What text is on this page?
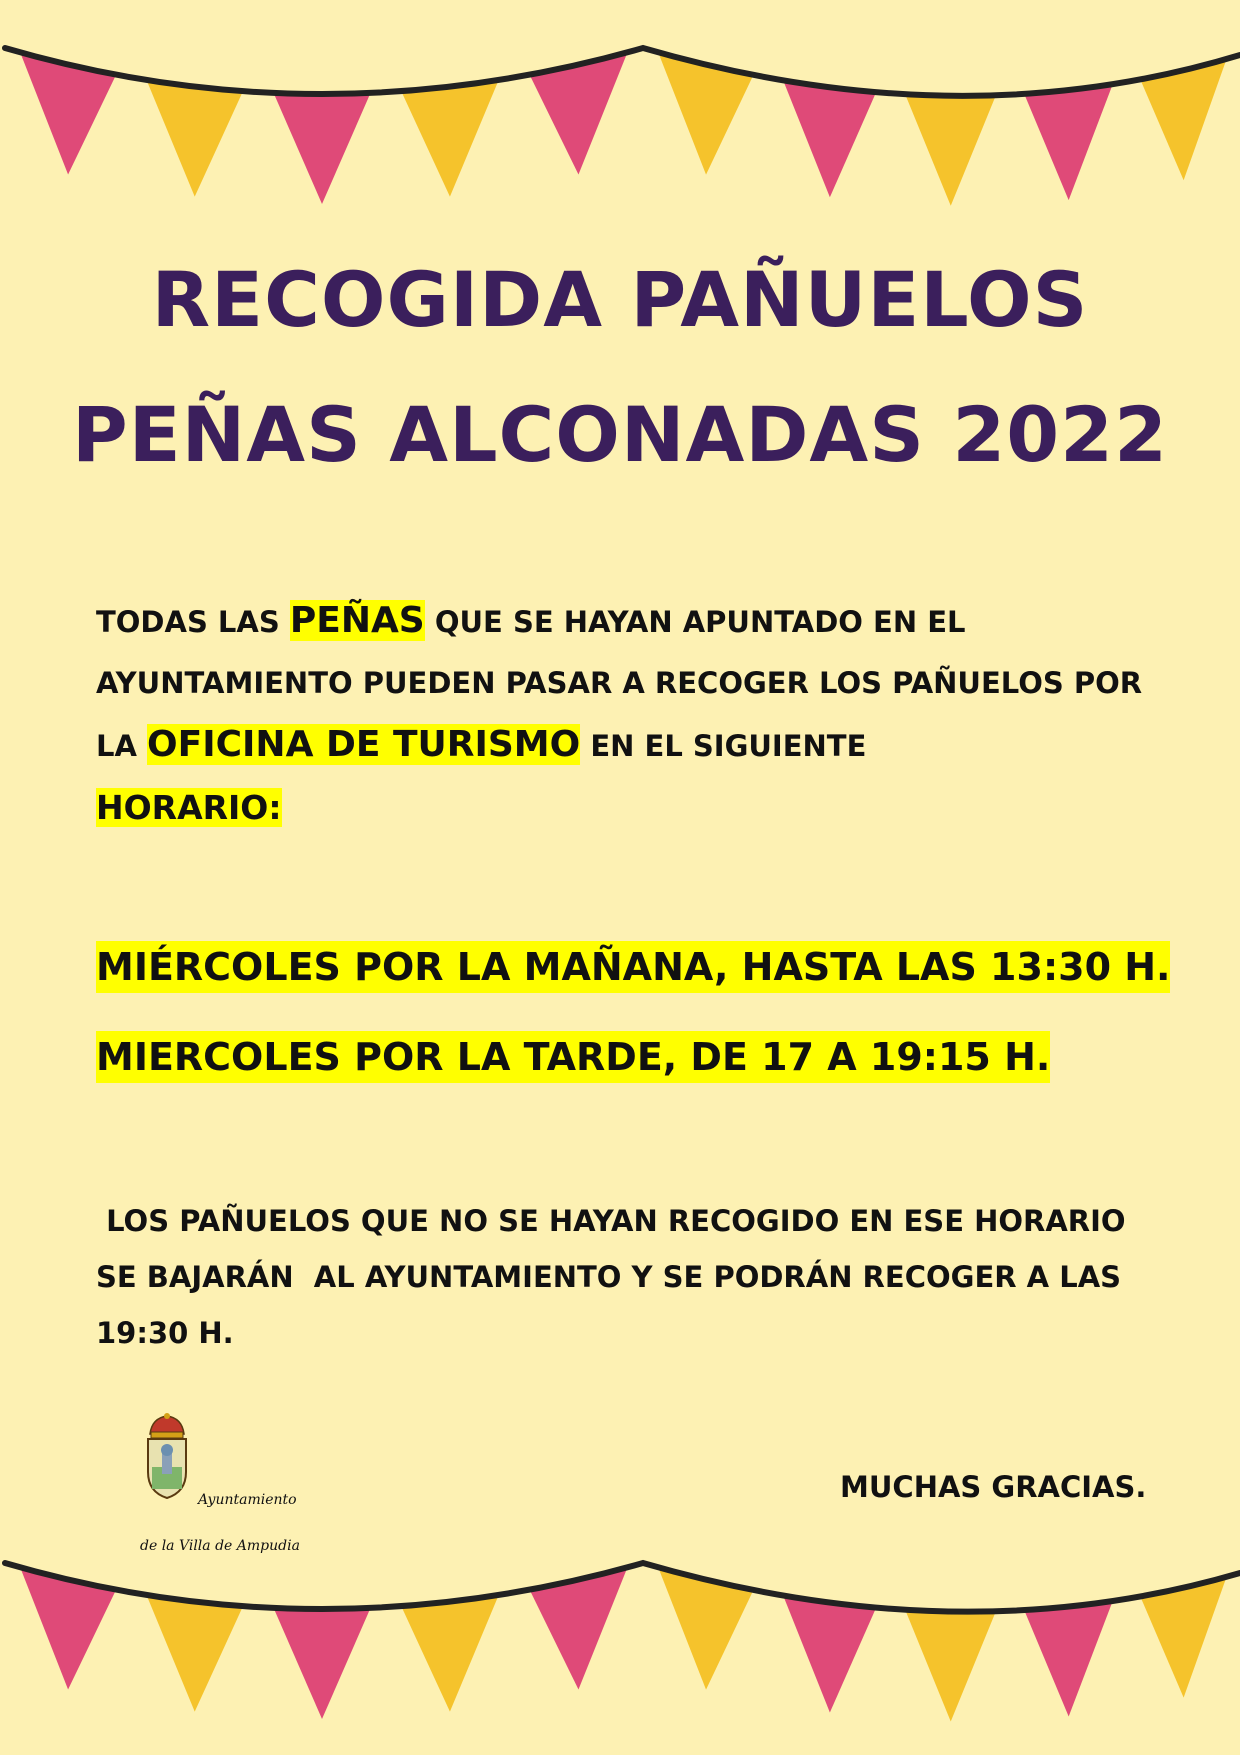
RECOGIDA PAÑUELOS
PEÑAS ALCONADAS 2022

TODAS LAS PEÑAS QUE SE HAYAN APUNTADO EN EL AYUNTAMIENTO PUEDEN PASAR A RECOGER LOS PAÑUELOS POR LA OFICINA DE TURISMO EN EL SIGUIENTE
HORARIO:

MIÉRCOLES POR LA MAÑANA, HASTA LAS 13:30 H.

MIERCOLES POR LA TARDE, DE 17 A 19:15 H.

LOS PAÑUELOS QUE NO SE HAYAN RECOGIDO EN ESE HORARIO SE BAJARÁN  AL AYUNTAMIENTO Y SE PODRÁN RECOGER A LAS 19:30 H.

Ayuntamiento

de la Villa de Ampudia

MUCHAS GRACIAS.
